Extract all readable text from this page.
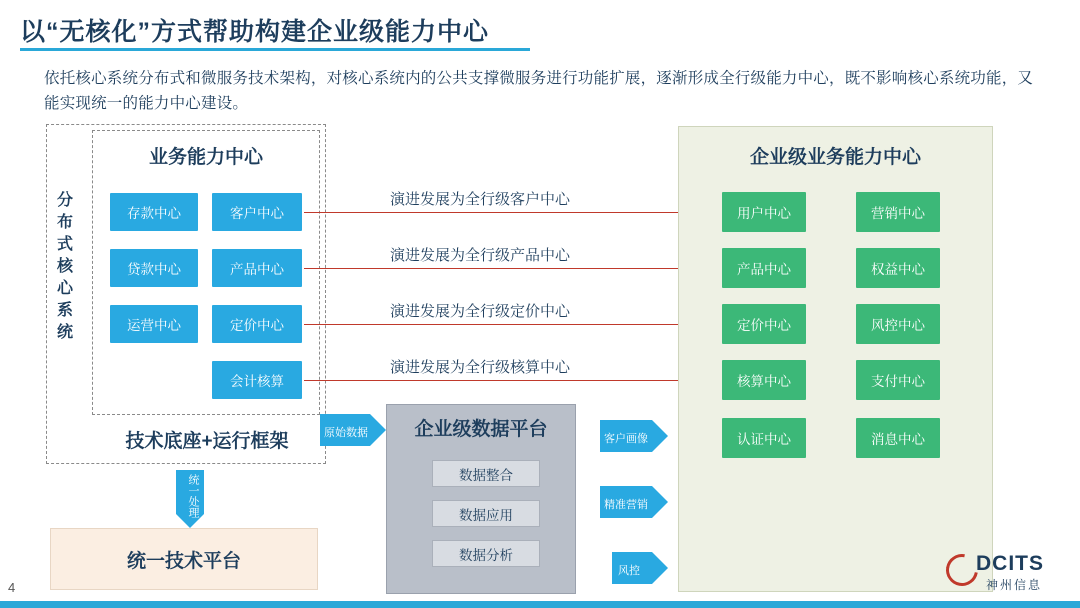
以“无核化”方式帮助构建企业级能力中心
依托核心系统分布式和微服务技术架构，对核心系统内的公共支撑微服务进行功能扩展，逐渐形成全行级能力中心，既不影响核心系统功能，又能实现统一的能力中心建设。
分布式核心系统
业务能力中心
存款中心
贷款中心
运营中心
客户中心
产品中心
定价中心
会计核算
技术底座+运行框架
演进发展为全行级客户中心
演进发展为全行级产品中心
演进发展为全行级定价中心
演进发展为全行级核算中心
企业级业务能力中心
用户中心
产品中心
定价中心
核算中心
认证中心
营销中心
权益中心
风控中心
支付中心
消息中心
企业级数据平台
数据整合
数据应用
数据分析
统一技术平台
原始数据
统一处理
客户画像
精准营销
风控
4
DCITS
神州信息
